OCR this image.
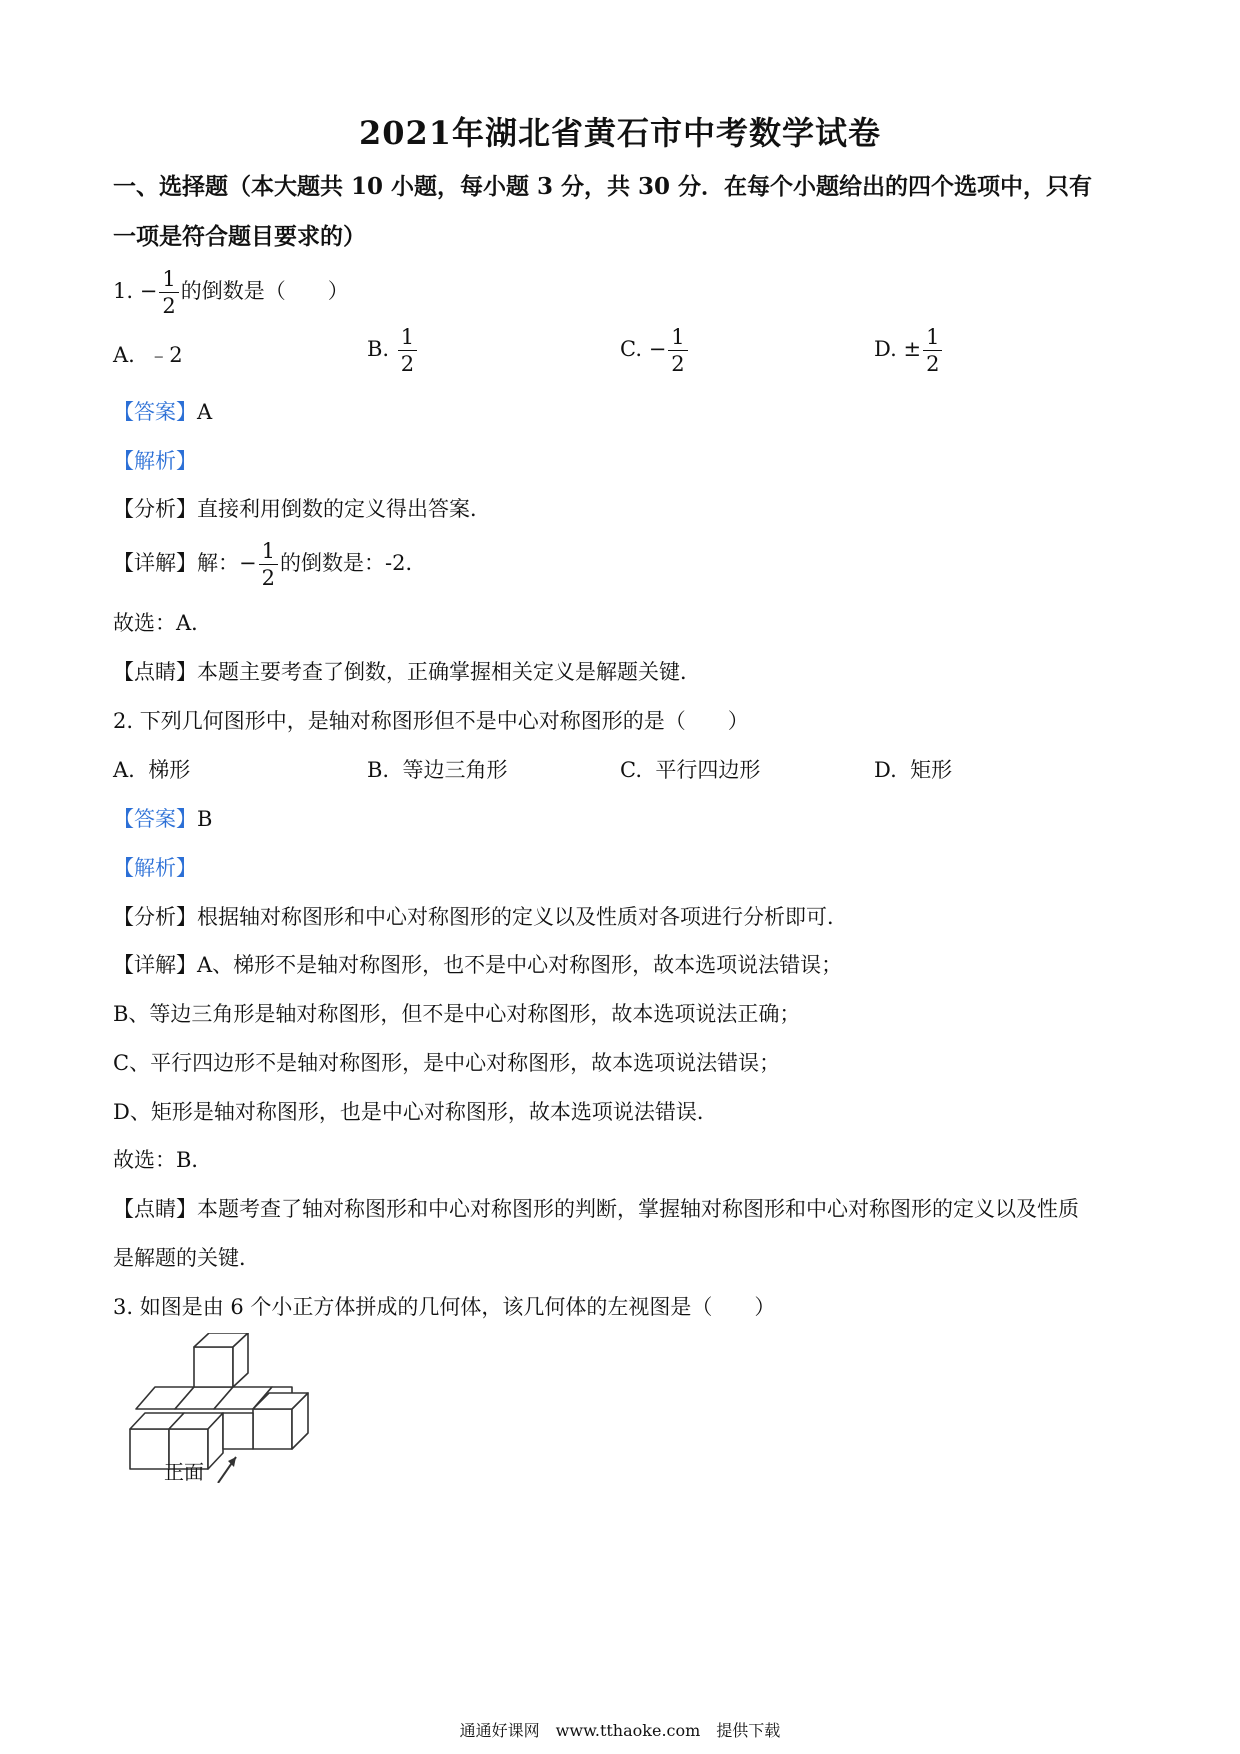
2021年湖北省黄石市中考数学试卷
一、选择题（本大题共 10 小题，每小题 3 分，共 30 分．在每个小题给出的四个选项中，只有
一项是符合题目要求的）
1. − $\frac{1}{2}$ 的倒数是（　　）
A. ﹣2	B. $\frac{1}{2}$	C. − $\frac{1}{2}$	D. ± $\frac{1}{2}$
【答案】A
【解析】
【分析】直接利用倒数的定义得出答案．
【详解】解：− $\frac{1}{2}$ 的倒数是：-2．
故选：A．
【点睛】本题主要考查了倒数，正确掌握相关定义是解题关键．
2. 下列几何图形中，是轴对称图形但不是中心对称图形的是（　　）
A. 梯形	B. 等边三角形	C. 平行四边形	D. 矩形
【答案】B
【解析】
【分析】根据轴对称图形和中心对称图形的定义以及性质对各项进行分析即可．
【详解】A、梯形不是轴对称图形，也不是中心对称图形，故本选项说法错误；
B、等边三角形是轴对称图形，但不是中心对称图形，故本选项说法正确；
C、平行四边形不是轴对称图形，是中心对称图形，故本选项说法错误；
D、矩形是轴对称图形，也是中心对称图形，故本选项说法错误．
故选：B．
【点睛】本题考查了轴对称图形和中心对称图形的判断，掌握轴对称图形和中心对称图形的定义以及性质
是解题的关键．
3. 如图是由 6 个小正方体拼成的几何体，该几何体的左视图是（　　）
正面
通通好课网　www.tthaoke.com　提供下载
